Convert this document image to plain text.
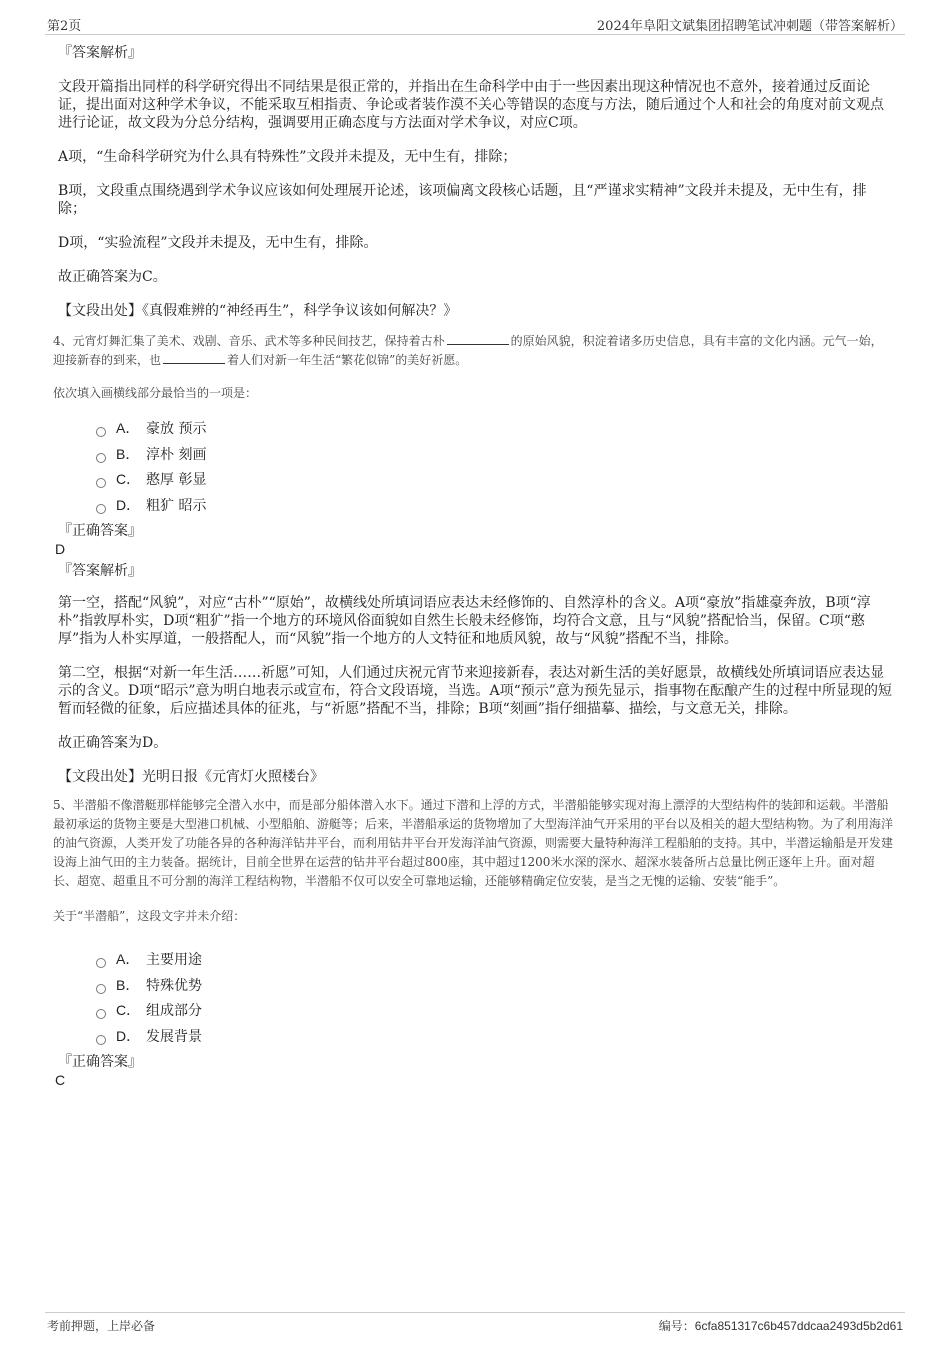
第2页	2024年阜阳文斌集团招聘笔试冲刺题（带答案解析）

『答案解析』

文段开篇指出同样的科学研究得出不同结果是很正常的，并指出在生命科学中由于一些因素出现这种情况也不意外，接着通过反面论证，提出面对这种学术争议，不能采取互相指责、争论或者装作漠不关心等错误的态度与方法，随后通过个人和社会的角度对前文观点进行论证，故文段为分总分结构，强调要用正确态度与方法面对学术争议，对应C项。

A项，“生命科学研究为什么具有特殊性”文段并未提及，无中生有，排除；

B项，文段重点围绕遇到学术争议应该如何处理展开论述，该项偏离文段核心话题，且“严谨求实精神”文段并未提及，无中生有，排除；

D项，“实验流程”文段并未提及，无中生有，排除。

故正确答案为C。

【文段出处】《真假难辨的“神经再生”，科学争议该如何解决？》

4、元宵灯舞汇集了美术、戏剧、音乐、武术等多种民间技艺，保持着古朴	的原始风貌，积淀着诸多历史信息，具有丰富的文化内涵。元气一始，迎接新春的到来，也	着人们对新一年生活“繁花似锦”的美好祈愿。
依次填入画横线部分最恰当的一项是：
A． 豪放 预示
B． 淳朴 刻画
C． 憨厚 彰显
D． 粗犷 昭示

『正确答案』

D

『答案解析』

第一空，搭配“风貌”，对应“古朴”“原始”，故横线处所填词语应表达未经修饰的、自然淳朴的含义。A项“豪放”指雄豪奔放，B项“淳朴”指敦厚朴实，D项“粗犷”指一个地方的环境风俗面貌如自然生长般未经修饰，均符合文意，且与“风貌”搭配恰当，保留。C项“憨厚”指为人朴实厚道，一般搭配人，而“风貌”指一个地方的人文特征和地质风貌，故与“风貌”搭配不当，排除。

第二空，根据“对新一年生活……祈愿”可知，人们通过庆祝元宵节来迎接新春，表达对新生活的美好愿景，故横线处所填词语应表达显示的含义。D项“昭示”意为明白地表示或宣布，符合文段语境，当选。A项“预示”意为预先显示，指事物在酝酿产生的过程中所显现的短暂而轻微的征象，后应描述具体的征兆，与“祈愿”搭配不当，排除；B项“刻画”指仔细描摹、描绘，与文意无关，排除。

故正确答案为D。

【文段出处】光明日报《元宵灯火照楼台》

5、半潜船不像潜艇那样能够完全潜入水中，而是部分船体潜入水下。通过下潜和上浮的方式，半潜船能够实现对海上漂浮的大型结构件的装卸和运载。半潜船最初承运的货物主要是大型港口机械、小型船舶、游艇等；后来，半潜船承运的货物增加了大型海洋油气开采用的平台以及相关的超大型结构物。为了利用海洋的油气资源，人类开发了功能各异的各种海洋钻井平台，而利用钻井平台开发海洋油气资源，则需要大量特种海洋工程船舶的支持。其中，半潜运输船是开发建设海上油气田的主力装备。据统计，目前全世界在运营的钻井平台超过800座，其中超过1200米水深的深水、超深水装备所占总量比例正逐年上升。面对超长、超宽、超重且不可分割的海洋工程结构物，半潜船不仅可以安全可靠地运输，还能够精确定位安装，是当之无愧的运输、安装“能手”。
关于“半潜船”，这段文字并未介绍：
A． 主要用途
B． 特殊优势
C． 组成部分
D． 发展背景

『正确答案』

C

考前押题，上岸必备	编号：6cfa851317c6b457ddcaa2493d5b2d61
